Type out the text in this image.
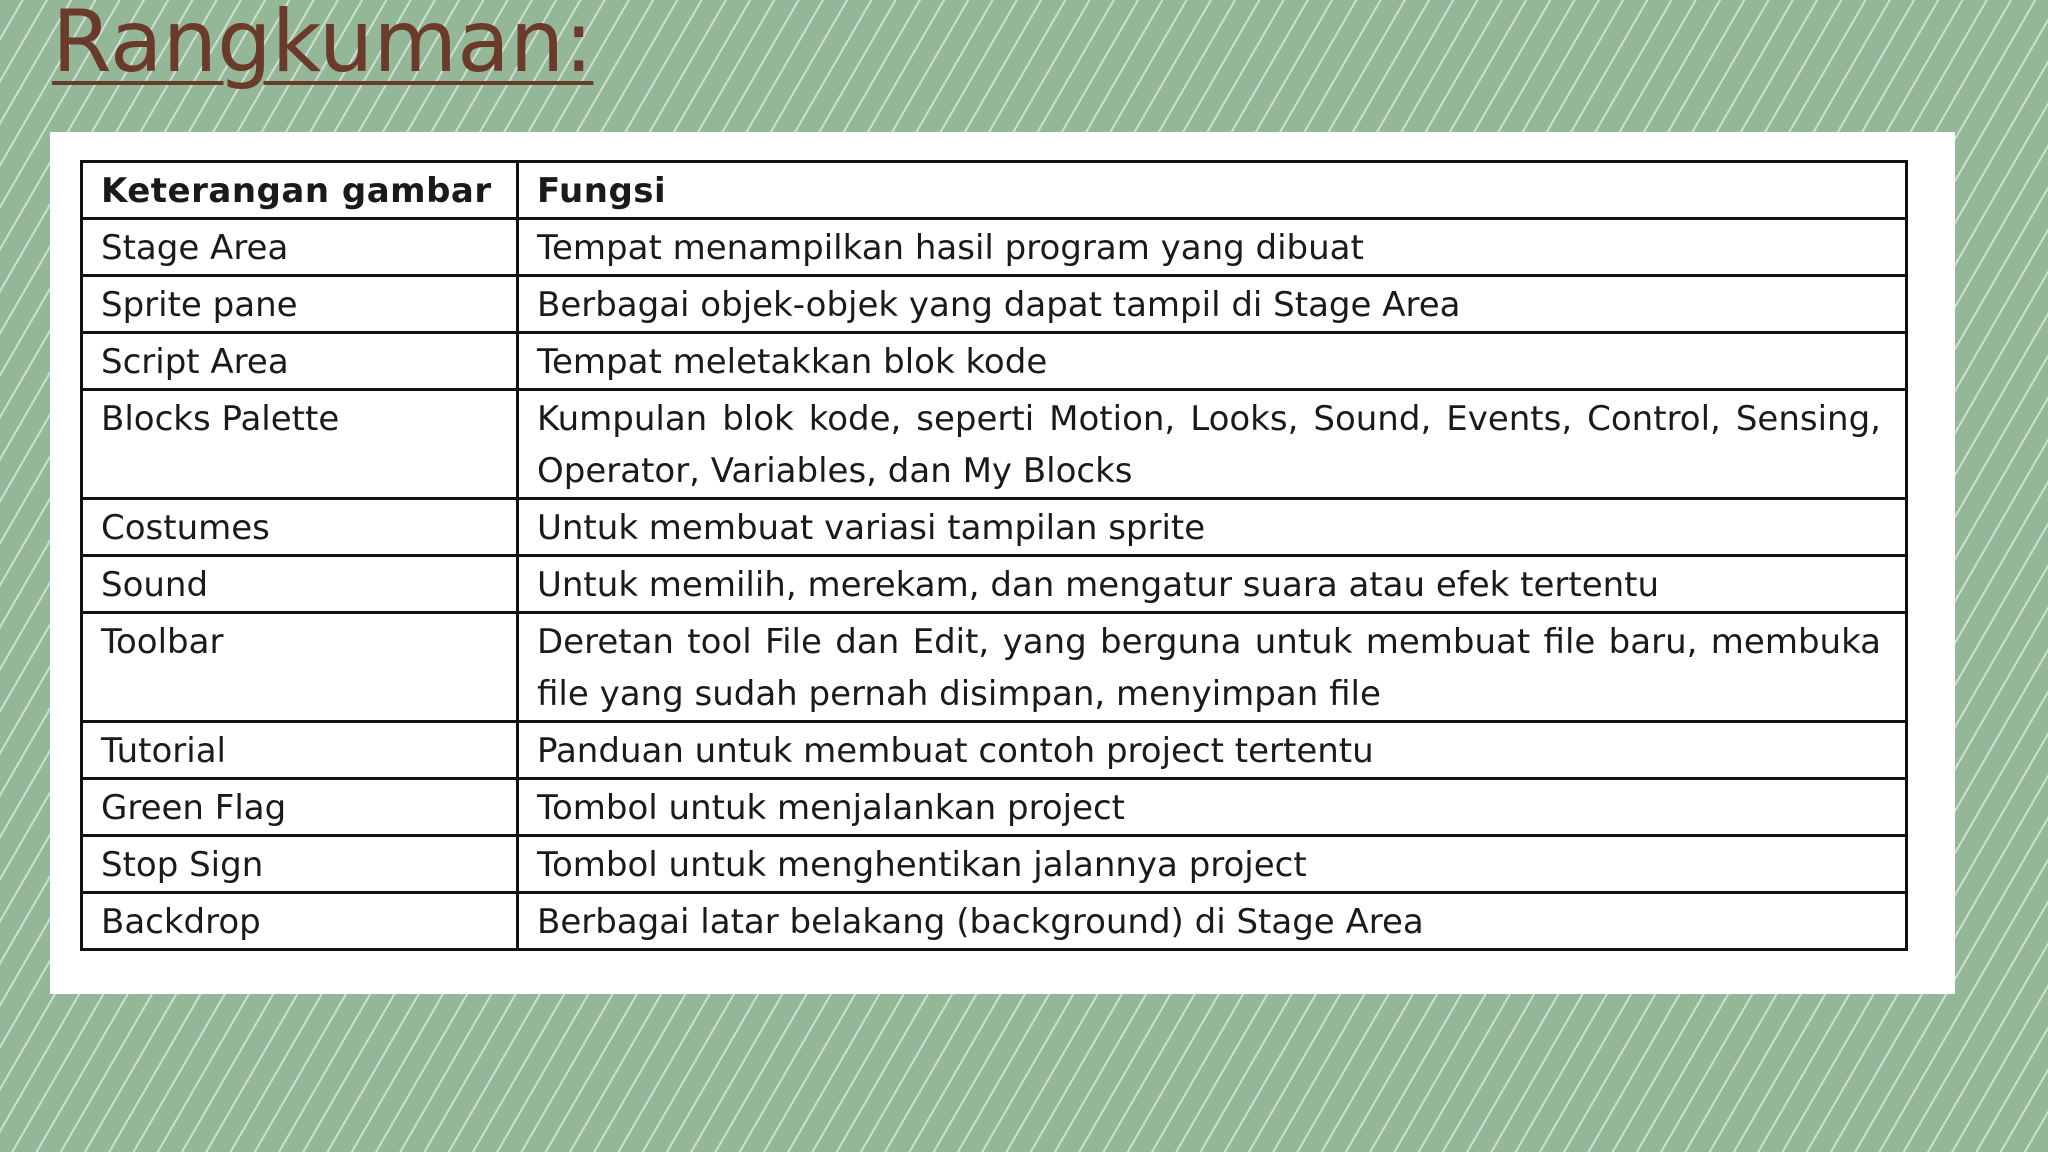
Rangkuman:
Keterangan gambar	Fungsi
Stage Area	Tempat menampilkan hasil program yang dibuat
Sprite pane	Berbagai objek-objek yang dapat tampil di Stage Area
Script Area	Tempat meletakkan blok kode
Blocks Palette	Kumpulan blok kode, seperti Motion, Looks, Sound, Events, Control, Sensing, Operator, Variables, dan My Blocks
Costumes	Untuk membuat variasi tampilan sprite
Sound	Untuk memilih, merekam, dan mengatur suara atau efek tertentu
Toolbar	Deretan tool File dan Edit, yang berguna untuk membuat file baru, membuka file yang sudah pernah disimpan, menyimpan file
Tutorial	Panduan untuk membuat contoh project tertentu
Green Flag	Tombol untuk menjalankan project
Stop Sign	Tombol untuk menghentikan jalannya project
Backdrop	Berbagai latar belakang (background) di Stage Area
